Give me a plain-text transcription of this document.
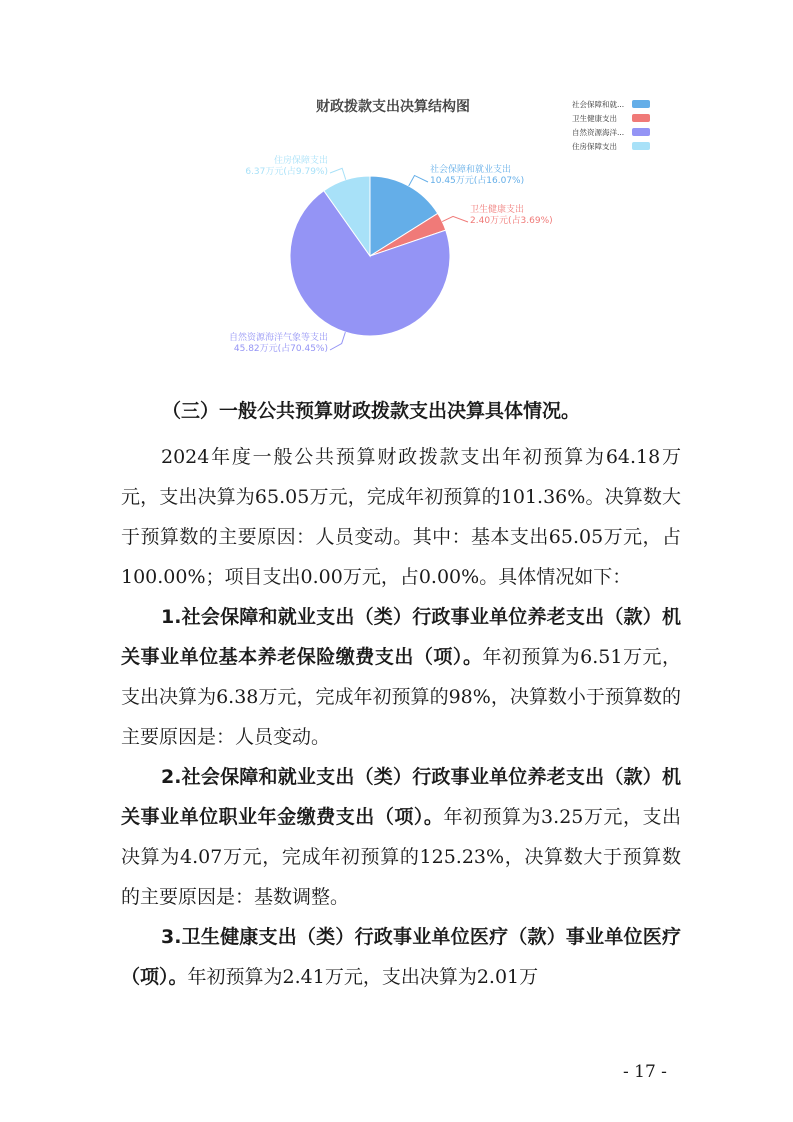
财政拨款支出决算结构图	社会保障和就...
卫生健康支出
自然资源海洋...
住房保障支出
社会保障和就业支出
10.45万元(占16.07%)
卫生健康支出
2.40万元(占3.69%)
自然资源海洋气象等支出
45.82万元(占70.45%)
住房保障支出
6.37万元(占9.79%)
（三）一般公共预算财政拨款支出决算具体情况。

2024年度一般公共预算财政拨款支出年初预算为64.18万元，支出决算为65.05万元，完成年初预算的101.36%。决算数大于预算数的主要原因：人员变动。其中：基本支出65.05万元，占100.00%；项目支出0.00万元，占0.00%。具体情况如下：

1.社会保障和就业支出（类）行政事业单位养老支出（款）机关事业单位基本养老保险缴费支出（项）。年初预算为6.51万元，支出决算为6.38万元，完成年初预算的98%，决算数小于预算数的主要原因是：人员变动。

2.社会保障和就业支出（类）行政事业单位养老支出（款）机关事业单位职业年金缴费支出（项）。年初预算为3.25万元，支出决算为4.07万元，完成年初预算的125.23%，决算数大于预算数的主要原因是：基数调整。

3.卫生健康支出（类）行政事业单位医疗（款）事业单位医疗（项）。年初预算为2.41万元，支出决算为2.01万

- 17 -
